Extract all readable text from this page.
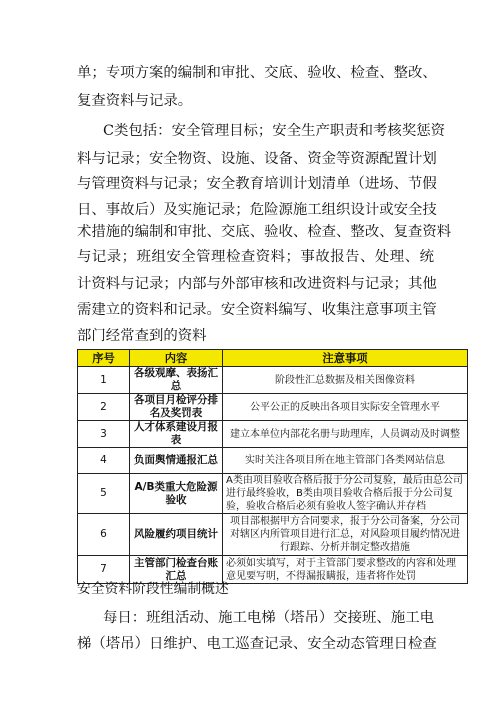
单；专项方案的编制和审批、交底、验收、检查、整改、
复查资料与记录。
C类包括：安全管理目标；安全生产职责和考核奖惩资
料与记录；安全物资、设施、设备、资金等资源配置计划
与管理资料与记录；安全教育培训计划清单（进场、节假
日、事故后）及实施记录；危险源施工组织设计或安全技
术措施的编制和审批、交底、验收、检查、整改、复查资料
与记录；班组安全管理检查资料；事故报告、处理、统
计资料与记录；内部与外部审核和改进资料与记录；其他
需建立的资料和记录。安全资料编写、收集注意事项主管
部门经常查到的资料
序号	内容	注意事项
1	各级观摩、表扬汇总	阶段性汇总数据及相关图像资料
2	各项目月检评分排名及奖罚表	公平公正的反映出各项目实际安全管理水平
3	人才体系建设月报表	建立本单位内部花名册与助理库，人员调动及时调整
4	负面舆情通报汇总	实时关注各项目所在地主管部门各类网站信息
5	A/B类重大危险源验收	A类由项目验收合格后报于分公司复验，最后由总公司进行最终验收，B类由项目验收合格后报于分公司复验，验收合格后必须有验收人签字确认并存档
6	风险履约项目统计	项目部根据甲方合同要求，报于分公司备案，分公司对辖区内所管项目进行汇总，对风险项目履约情况进行跟踪、分析并制定整改措施
7	主管部门检查台账汇总	必须如实填写，对于主管部门要求整改的内容和处理意见要写明，不得漏报瞒报，违者将作处罚
安全资料阶段性编制概述
每日：班组活动、施工电梯（塔吊）交接班、施工电
梯（塔吊）日维护、电工巡查记录、安全动态管理日检查
